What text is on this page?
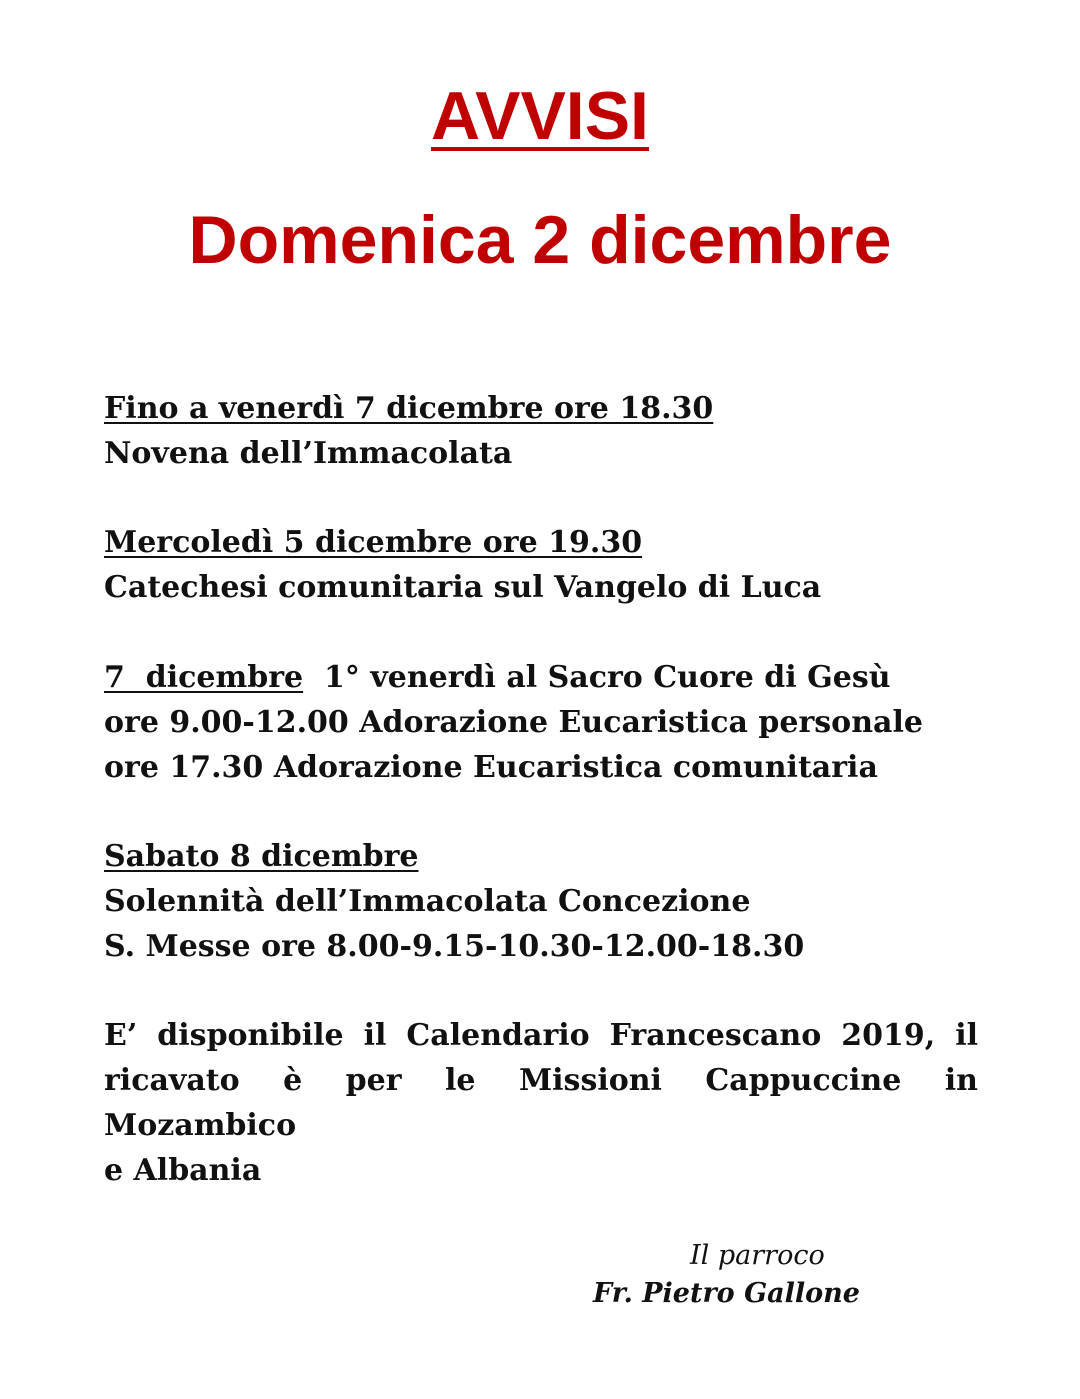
AVVISI
Domenica 2 dicembre
Fino a venerdì 7 dicembre ore 18.30
Novena dell’Immacolata
Mercoledì 5 dicembre ore 19.30
Catechesi comunitaria sul Vangelo di Luca
7  dicembre  1° venerdì al Sacro Cuore di Gesù
ore 9.00-12.00 Adorazione Eucaristica personale
ore 17.30 Adorazione Eucaristica comunitaria
Sabato 8 dicembre
Solennità dell’Immacolata Concezione
S. Messe ore 8.00-9.15-10.30-12.00-18.30
E’ disponibile il Calendario Francescano 2019, il
ricavato è per le Missioni Cappuccine in Mozambico
e Albania
Il parroco
Fr. Pietro Gallone
